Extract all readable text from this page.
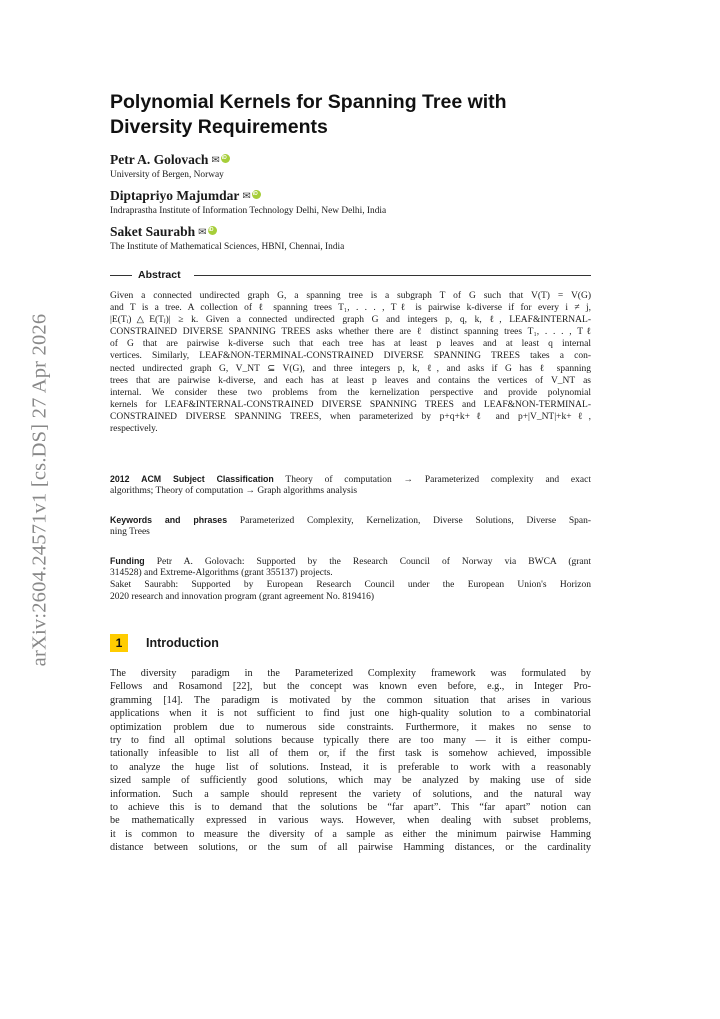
arXiv:2604.24571v1 [cs.DS] 27 Apr 2026
Polynomial Kernels for Spanning Tree with
Diversity Requirements
Petr A. Golovach ✉iD
University of Bergen, Norway
Diptapriyo Majumdar ✉iD
Indraprastha Institute of Information Technology Delhi, New Delhi, India
Saket Saurabh ✉iD
The Institute of Mathematical Sciences, HBNI, Chennai, India
Abstract
Given a connected undirected graph G, a spanning tree is a subgraph T of G such that V(T) = V(G)
and T is a tree. A collection of ℓ spanning trees T₁, . . . , Tℓ is pairwise k-diverse if for every i ≠ j,
|E(Tᵢ)△E(Tⱼ)| ≥ k. Given a connected undirected graph G and integers p, q, k, ℓ, LEAF&INTERNAL-
CONSTRAINED DIVERSE SPANNING TREES asks whether there are ℓ distinct spanning trees T₁, . . . , Tℓ
of G that are pairwise k-diverse such that each tree has at least p leaves and at least q internal
vertices. Similarly, LEAF&NON-TERMINAL-CONSTRAINED DIVERSE SPANNING TREES takes a con-
nected undirected graph G, V_NT ⊆ V(G), and three integers p, k, ℓ, and asks if G has ℓ spanning
trees that are pairwise k-diverse, and each has at least p leaves and contains the vertices of V_NT as
internal. We consider these two problems from the kernelization perspective and provide polynomial
kernels for LEAF&INTERNAL-CONSTRAINED DIVERSE SPANNING TREES and LEAF&NON-TERMINAL-
CONSTRAINED DIVERSE SPANNING TREES, when parameterized by p+q+k+ℓ and p+|V_NT|+k+ℓ,
respectively.
2012 ACM Subject Classification Theory of computation → Parameterized complexity and exact
algorithms; Theory of computation → Graph algorithms analysis
Keywords and phrases Parameterized Complexity, Kernelization, Diverse Solutions, Diverse Span-
ning Trees
Funding Petr A. Golovach: Supported by the Research Council of Norway via BWCA (grant
314528) and Extreme-Algorithms (grant 355137) projects.
Saket Saurabh: Supported by European Research Council under the European Union's Horizon
2020 research and innovation program (grant agreement No. 819416)
1	Introduction
The diversity paradigm in the Parameterized Complexity framework was formulated by
Fellows and Rosamond [22], but the concept was known even before, e.g., in Integer Pro-
gramming [14]. The paradigm is motivated by the common situation that arises in various
applications when it is not sufficient to find just one high-quality solution to a combinatorial
optimization problem due to numerous side constraints. Furthermore, it makes no sense to
try to find all optimal solutions because typically there are too many — it is either compu-
tationally infeasible to list all of them or, if the first task is somehow achieved, impossible
to analyze the huge list of solutions. Instead, it is preferable to work with a reasonably
sized sample of sufficiently good solutions, which may be analyzed by making use of side
information. Such a sample should represent the variety of solutions, and the natural way
to achieve this is to demand that the solutions be “far apart”. This “far apart” notion can
be mathematically expressed in various ways. However, when dealing with subset problems,
it is common to measure the diversity of a sample as either the minimum pairwise Hamming
distance between solutions, or the sum of all pairwise Hamming distances, or the cardinality
